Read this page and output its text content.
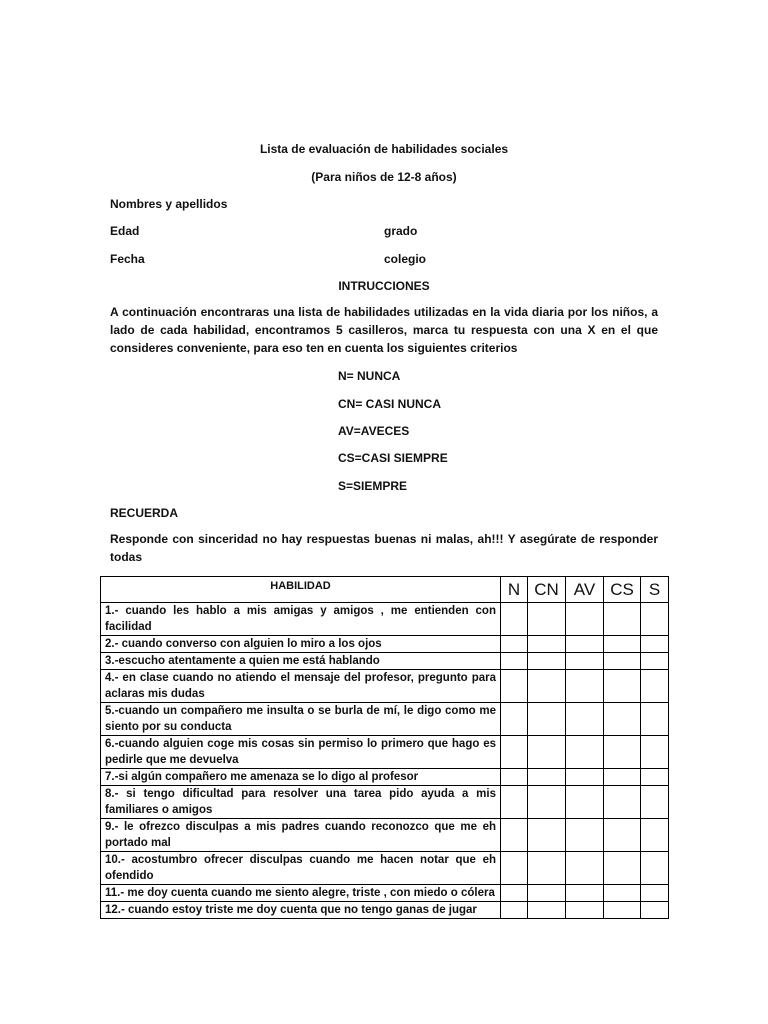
Lista de evaluación de habilidades sociales
(Para niños de 12-8 años)
Nombres y apellidos
Edad	grado
Fecha	colegio
INTRUCCIONES
A continuación encontraras una lista de habilidades utilizadas en la vida diaria por los niños, a lado de cada habilidad, encontramos 5 casilleros, marca tu respuesta con una X en el que consideres conveniente, para eso ten en cuenta los siguientes criterios
N= NUNCA
CN= CASI NUNCA
AV=AVECES
CS=CASI SIEMPRE
S=SIEMPRE
RECUERDA
Responde con sinceridad no hay respuestas buenas ni malas, ah!!! Y asegúrate de responder todas
HABILIDAD	N	CN	AV	CS	S
1.- cuando les hablo a mis amigas y amigos , me entienden con facilidad					
2.- cuando converso con alguien lo miro a los ojos					
3.-escucho atentamente a quien me está hablando					
4.- en clase cuando no atiendo el mensaje del profesor, pregunto para aclaras mis dudas					
5.-cuando un compañero me insulta o se burla de mí, le digo como me siento por su conducta					
6.-cuando alguien coge mis cosas sin permiso lo primero que hago es pedirle que me devuelva					
7.-si algún compañero me amenaza se lo digo al profesor					
8.- si tengo dificultad para resolver una tarea pido ayuda a mis familiares o amigos					
9.- le ofrezco disculpas a mis padres cuando reconozco que me eh portado mal					
10.- acostumbro ofrecer disculpas cuando me hacen notar que eh ofendido					
11.- me doy cuenta cuando me siento alegre, triste , con miedo o cólera					
12.- cuando estoy triste me doy cuenta que no tengo ganas de jugar					
